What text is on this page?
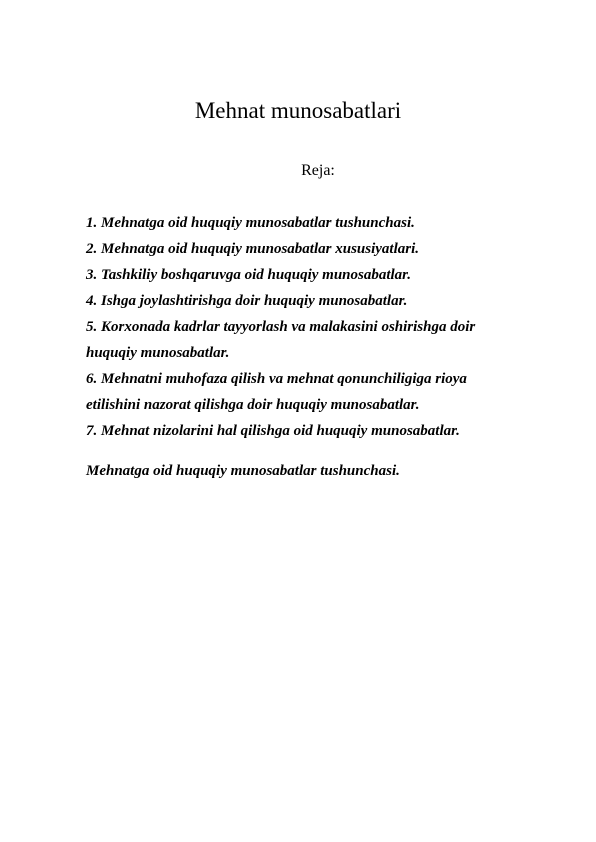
Mehnat munosabatlari

Reja:

1. Mehnatga oid huquqiy munosabatlar tushunchasi.
2. Mehnatga oid huquqiy munosabatlar xususiyatlari.
3. Tashkiliy boshqaruvga oid huquqiy munosabatlar.
4. Ishga joylashtirishga doir huquqiy munosabatlar.
5. Korxonada kadrlar tayyorlash va malakasini oshirishga doir
huquqiy munosabatlar.
6. Mehnatni muhofaza qilish va mehnat qonunchiligiga rioya
etilishini nazorat qilishga doir huquqiy munosabatlar.
7. Mehnat nizolarini hal qilishga oid huquqiy munosabatlar.

Mehnatga oid huquqiy munosabatlar tushunchasi.
